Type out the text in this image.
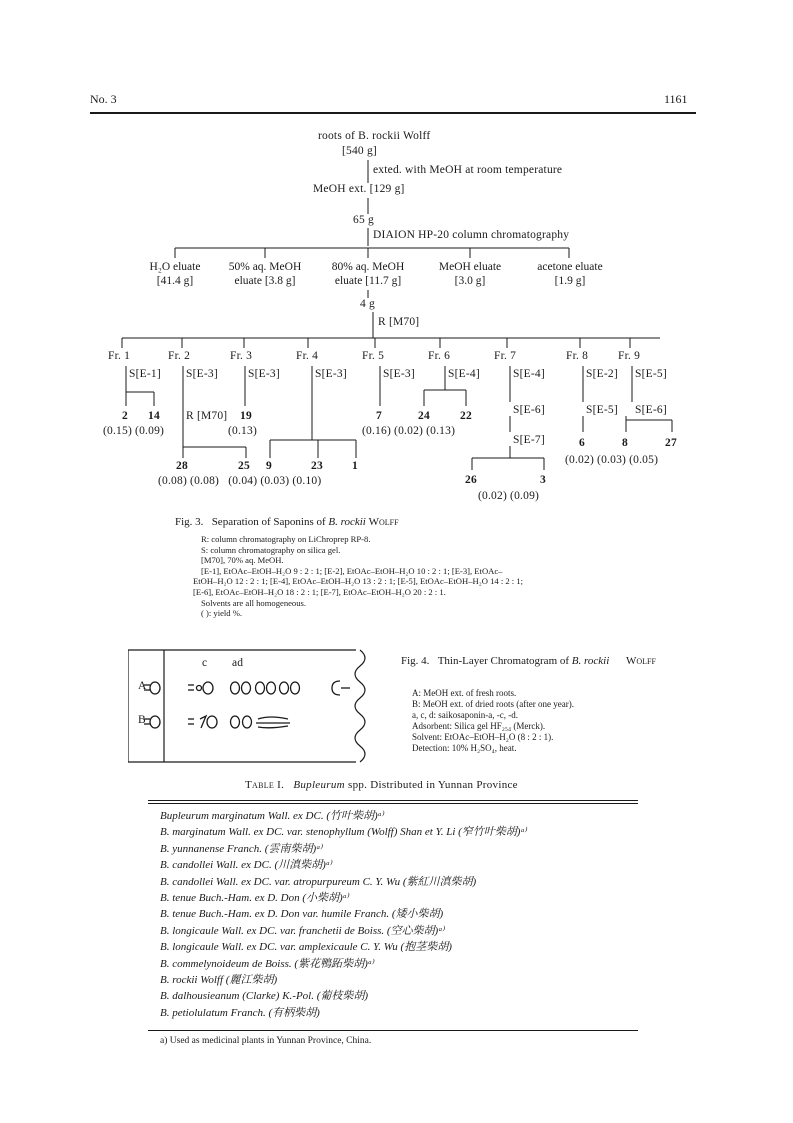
No. 3	1161
roots of B. rockii Wolff
[540 g]
exted. with MeOH at room temperature
MeOH ext. [129 g]
65 g
DIAION HP-20 column chromatography
H₂O eluate
[41.4 g]
50% aq. MeOH
eluate [3.8 g]
80% aq. MeOH
eluate [11.7 g]
MeOH eluate
[3.0 g]
acetone eluate
[1.9 g]
4 g
R [M70]
Fr. 1	Fr. 2	Fr. 3	Fr. 4	Fr. 5	Fr. 6	Fr. 7	Fr. 8	Fr. 9
S[E-1] S[E-3]	S[E-3]	S[E-3]	S[E-3]	S[E-4]	S[E-4]	S[E-2] S[E-5]
2 14 R [M70] 19	7	24	22	S[E-6]	S[E-5] S[E-6]
(0.15) (0.09)	(0.13)	(0.16) (0.02) (0.13)
S[E-7]	6	8	27
(0.02) (0.03) (0.05)
28	25 9	23	1
(0.08) (0.08)   (0.04) (0.03) (0.10)	26	3
(0.02) (0.09)
Fig. 3. Separation of Saponins of B. rockii Wolff
R: column chromatography on LiChroprep RP-8.
S: column chromatography on silica gel.
[M70], 70% aq. MeOH.
[E-1], EtOAc–EtOH–H₂O 9 : 2 : 1; [E-2], EtOAc–EtOH–H₂O 10 : 2 : 1; [E-3], EtOAc–
EtOH–H₂O 12 : 2 : 1; [E-4], EtOAc–EtOH–H₂O 13 : 2 : 1; [E-5], EtOAc–EtOH–H₂O 14 : 2 : 1;
[E-6], EtOAc–EtOH–H₂O 18 : 2 : 1; [E-7], EtOAc–EtOH–H₂O 20 : 2 : 1.
Solvents are all homogeneous.
( ): yield %.
c ad
A
B
Fig. 4. Thin-Layer Chromatogram of B. rockii Wolff
A: MeOH ext. of fresh roots.
B: MeOH ext. of dried roots (after one year).
a, c, d: saikosaponin-a, -c, -d.
Adsorbent: Silica gel HF₂₅₄ (Merck).
Solvent: EtOAc–EtOH–H₂O (8 : 2 : 1).
Detection: 10% H₂SO₄, heat.
Table I. Bupleurum spp. Distributed in Yunnan Province
Bupleurum marginatum Wall. ex DC. (竹叶柴胡)ᵃ⁾
B. marginatum Wall. ex DC. var. stenophyllum (Wolff) Shan et Y. Li (窄竹叶柴胡)ᵃ⁾
B. yunnanense Franch. (雲南柴胡)ᵃ⁾
B. candollei Wall. ex DC. (川滇柴胡)ᵃ⁾
B. candollei Wall. ex DC. var. atropurpureum C. Y. Wu (紫紅川滇柴胡)
B. tenue Buch.-Ham. ex D. Don (小柴胡)ᵃ⁾
B. tenue Buch.-Ham. ex D. Don var. humile Franch. (矮小柴胡)
B. longicaule Wall. ex DC. var. franchetii de Boiss. (空心柴胡)ᵃ⁾
B. longicaule Wall. ex DC. var. amplexicaule C. Y. Wu (抱茎柴胡)
B. commelynoideum de Boiss. (紫花鴨跖柴胡)ᵃ⁾
B. rockii Wolff (麗江柴胡)
B. dalhousieanum (Clarke) K.-Pol. (葡枝柴胡)
B. petiolulatum Franch. (有柄柴胡)
a) Used as medicinal plants in Yunnan Province, China.
